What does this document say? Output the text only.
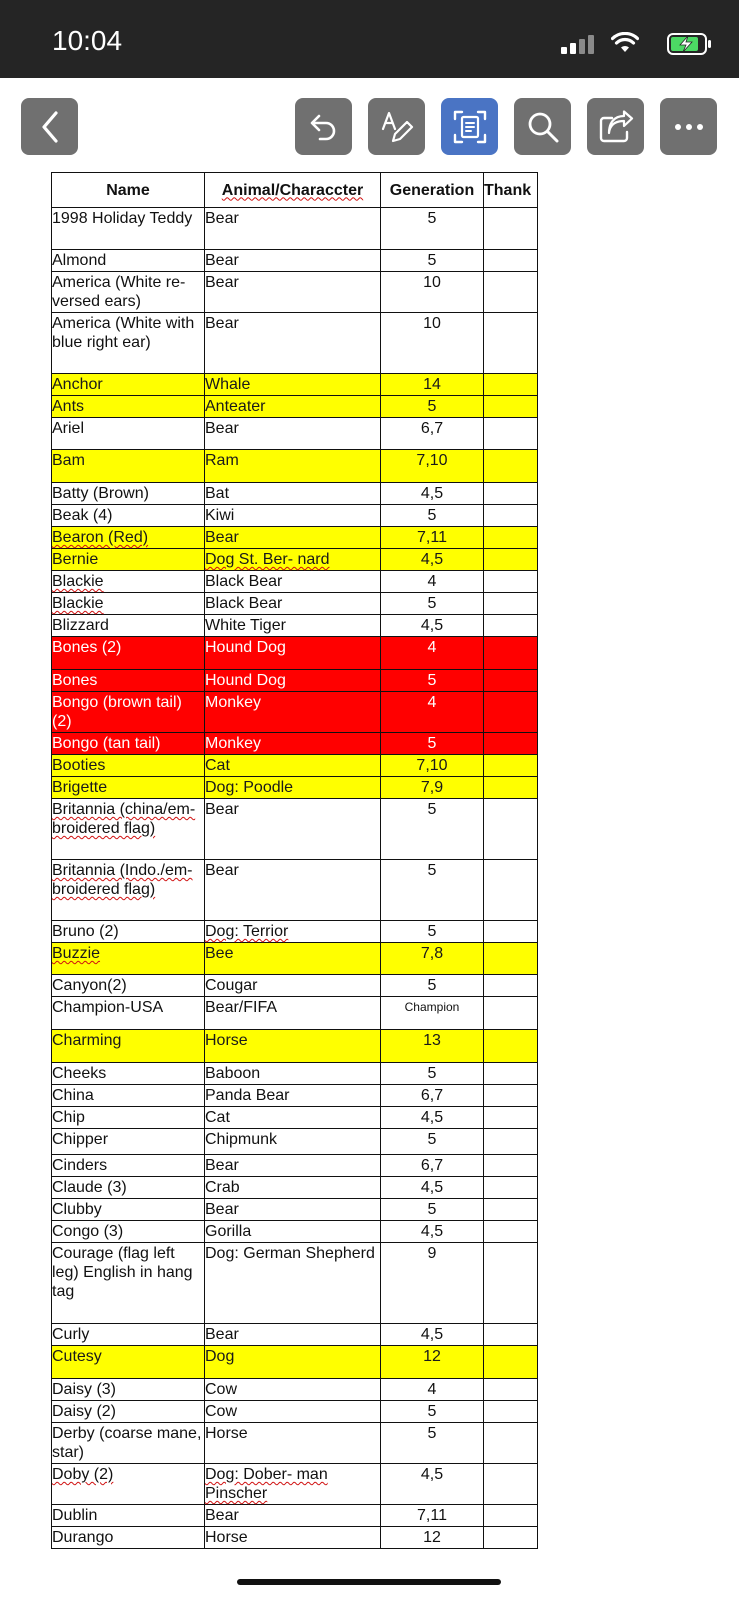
10:04
Name	Animal/Characcter	Generation	Thank
1998 Holiday Teddy	Bear	5	
Almond	Bear	5	
America (White re- versed ears)	Bear	10	
America (White with blue right ear)	Bear	10	
Anchor	Whale	14	
Ants	Anteater	5	
Ariel	Bear	6,7	
Bam	Ram	7,10	
Batty (Brown)	Bat	4,5	
Beak (4)	Kiwi	5	
Bearon (Red)	Bear	7,11	
Bernie	Dog St. Ber- nard	4,5	
Blackie	Black Bear	4	
Blackie	Black Bear	5	
Blizzard	White Tiger	4,5	
Bones (2)	Hound Dog	4	
Bones	Hound Dog	5	
Bongo (brown tail) (2)	Monkey	4	
Bongo (tan tail)	Monkey	5	
Booties	Cat	7,10	
Brigette	Dog: Poodle	7,9	
Britannia (china/em- broidered flag)	Bear	5	
Britannia (Indo./em- broidered flag)	Bear	5	
Bruno (2)	Dog: Terrior	5	
Buzzie	Bee	7,8	
Canyon(2)	Cougar	5	
Champion-USA	Bear/FIFA	Champion	
Charming	Horse	13	
Cheeks	Baboon	5	
China	Panda Bear	6,7	
Chip	Cat	4,5	
Chipper	Chipmunk	5	
Cinders	Bear	6,7	
Claude (3)	Crab	4,5	
Clubby	Bear	5	
Congo (3)	Gorilla	4,5	
Courage (flag left leg) English in hang tag	Dog: German Shepherd	9	
Curly	Bear	4,5	
Cutesy	Dog	12	
Daisy (3)	Cow	4	
Daisy (2)	Cow	5	
Derby (coarse mane, star)	Horse	5	
Doby (2)	Dog: Dober- man Pinscher	4,5	
Dublin	Bear	7,11	
Durango	Horse	12	
